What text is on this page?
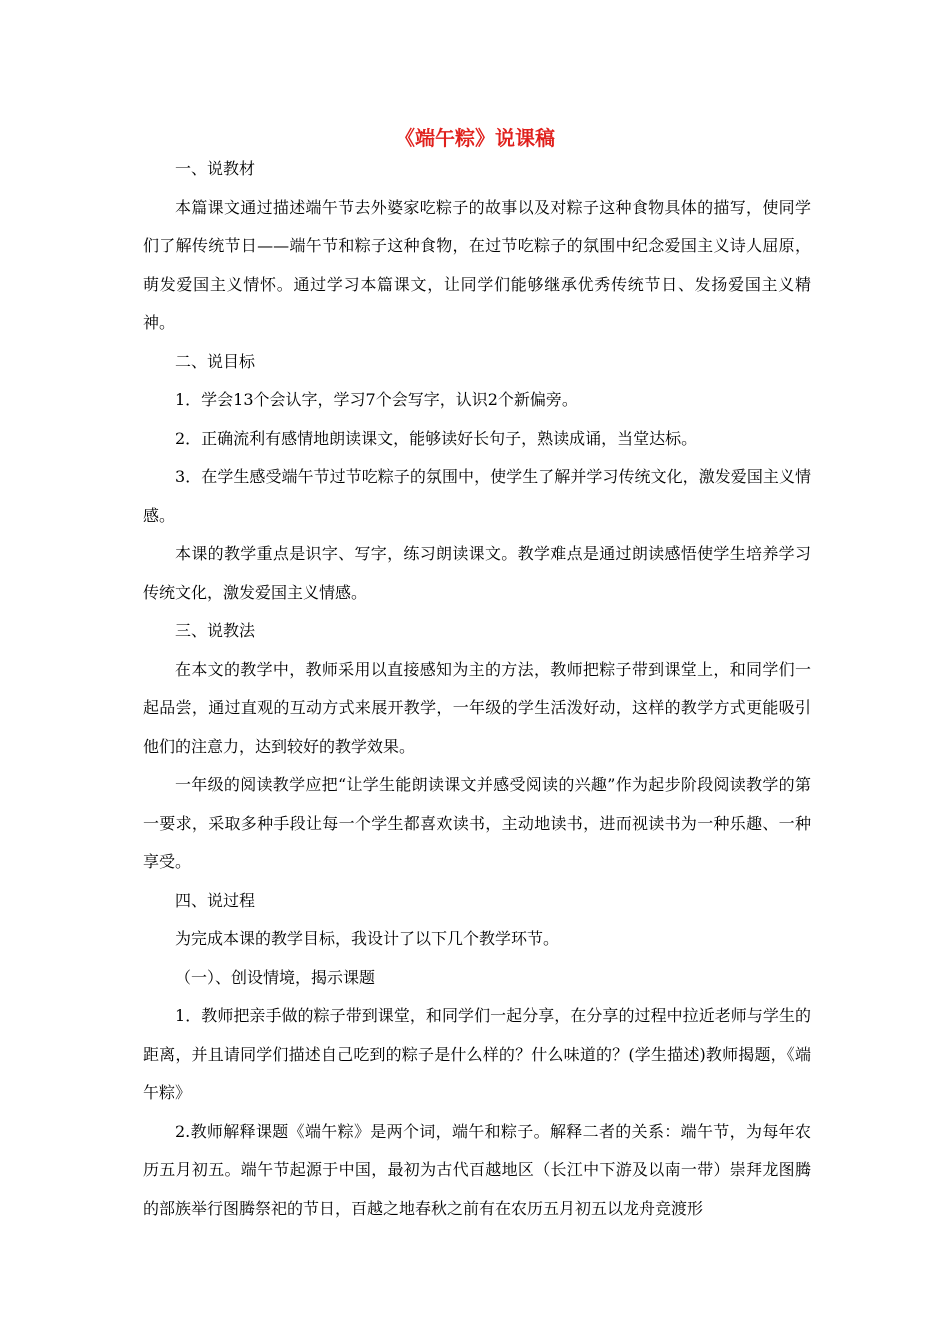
《端午粽》说课稿

一、说教材

本篇课文通过描述端午节去外婆家吃粽子的故事以及对粽子这种食物具体的描写，使同学们了解传统节日——端午节和粽子这种食物，在过节吃粽子的氛围中纪念爱国主义诗人屈原，萌发爱国主义情怀。通过学习本篇课文，让同学们能够继承优秀传统节日、发扬爱国主义精神。

二、说目标

1．学会13个会认字，学习7个会写字，认识2个新偏旁。

2．正确流利有感情地朗读课文，能够读好长句子，熟读成诵，当堂达标。

3．在学生感受端午节过节吃粽子的氛围中，使学生了解并学习传统文化，激发爱国主义情感。

本课的教学重点是识字、写字，练习朗读课文。教学难点是通过朗读感悟使学生培养学习传统文化，激发爱国主义情感。

三、说教法

在本文的教学中，教师采用以直接感知为主的方法，教师把粽子带到课堂上，和同学们一起品尝，通过直观的互动方式来展开教学，一年级的学生活泼好动，这样的教学方式更能吸引他们的注意力，达到较好的教学效果。

一年级的阅读教学应把“让学生能朗读课文并感受阅读的兴趣”作为起步阶段阅读教学的第一要求，采取多种手段让每一个学生都喜欢读书，主动地读书，进而视读书为一种乐趣、一种享受。

四、说过程

为完成本课的教学目标，我设计了以下几个教学环节。

（一）、创设情境，揭示课题

1．教师把亲手做的粽子带到课堂，和同学们一起分享，在分享的过程中拉近老师与学生的距离，并且请同学们描述自己吃到的粽子是什么样的？什么味道的？(学生描述)教师揭题，《端午粽》

2.教师解释课题《端午粽》是两个词，端午和粽子。解释二者的关系：端午节，为每年农历五月初五。端午节起源于中国，最初为古代百越地区（长江中下游及以南一带）崇拜龙图腾的部族举行图腾祭祀的节日，百越之地春秋之前有在农历五月初五以龙舟竞渡形
